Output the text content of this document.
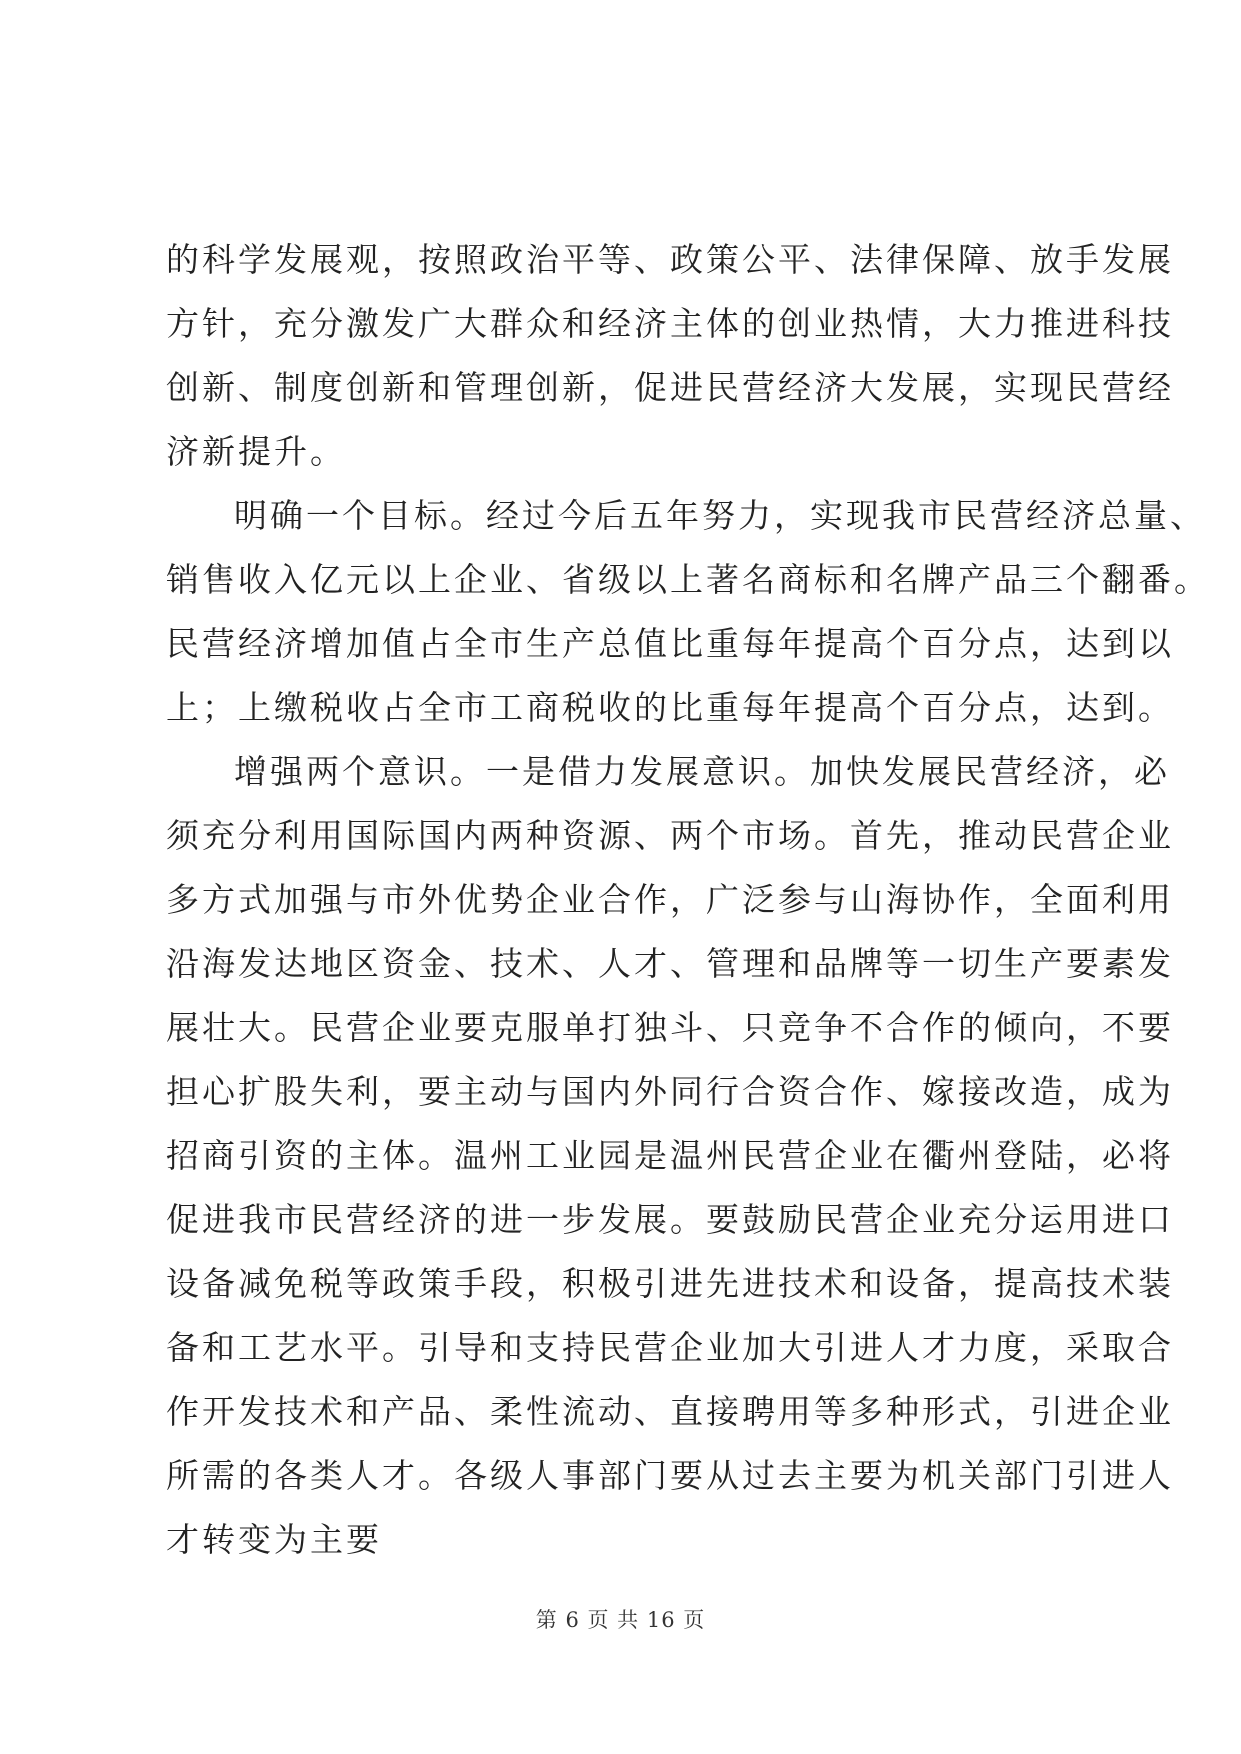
的科学发展观，按照政治平等、政策公平、法律保障、放手发展
方针，充分激发广大群众和经济主体的创业热情，大力推进科技
创新、制度创新和管理创新，促进民营经济大发展，实现民营经
济新提升。
明确一个目标。经过今后五年努力，实现我市民营经济总量、
销售收入亿元以上企业、省级以上著名商标和名牌产品三个翻番。
民营经济增加值占全市生产总值比重每年提高个百分点，达到以
上；上缴税收占全市工商税收的比重每年提高个百分点，达到。
增强两个意识。一是借力发展意识。加快发展民营经济，必
须充分利用国际国内两种资源、两个市场。首先，推动民营企业
多方式加强与市外优势企业合作，广泛参与山海协作，全面利用
沿海发达地区资金、技术、人才、管理和品牌等一切生产要素发
展壮大。民营企业要克服单打独斗、只竞争不合作的倾向，不要
担心扩股失利，要主动与国内外同行合资合作、嫁接改造，成为
招商引资的主体。温州工业园是温州民营企业在衢州登陆，必将
促进我市民营经济的进一步发展。要鼓励民营企业充分运用进口
设备减免税等政策手段，积极引进先进技术和设备，提高技术装
备和工艺水平。引导和支持民营企业加大引进人才力度，采取合
作开发技术和产品、柔性流动、直接聘用等多种形式，引进企业
所需的各类人才。各级人事部门要从过去主要为机关部门引进人
才转变为主要
第 6 页 共 16 页
